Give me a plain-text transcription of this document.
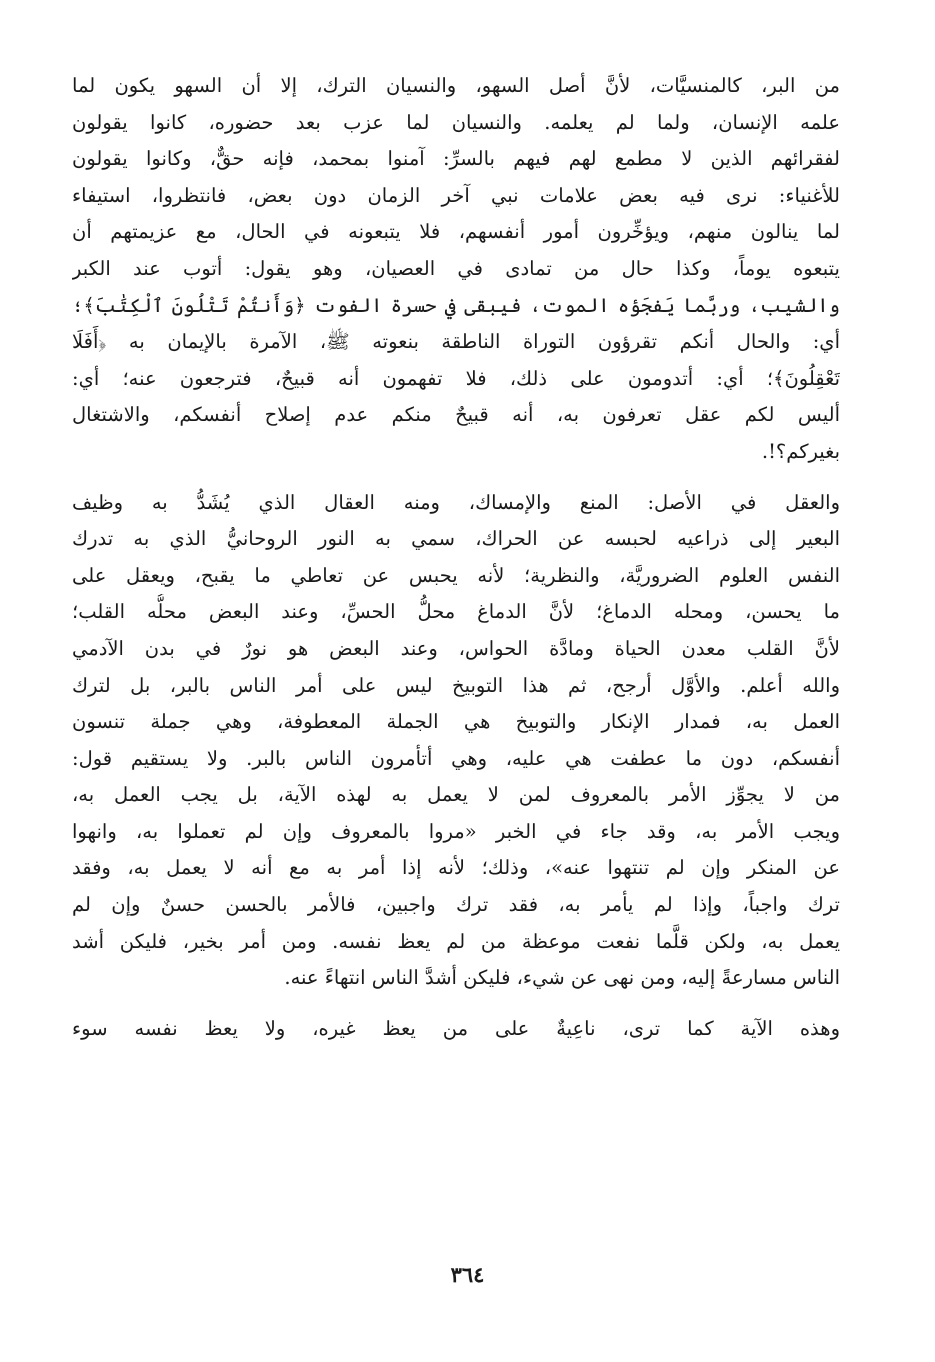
من البر، كالمنسيَّات، لأنَّ أصل السهو، والنسيان الترك، إلا أن السهو يكون لما
علمه الإنسان، ولما لم يعلمه. والنسيان لما عزب بعد حضوره، كانوا يقولون
لفقرائهم الذين لا مطمع لهم فيهم بالسرِّ: آمنوا بمحمد، فإنه حقٌّ، وكانوا يقولون
للأغنياء: نرى فيه بعض علامات نبي آخر الزمان دون بعض، فانتظروا، استيفاء
لما ينالون منهم، ويؤخِّرون أمور أنفسهم، فلا يتبعونه في الحال، مع عزيمتهم أن
يتبعوه يوماً، وكذا حال من تمادى في العصيان، وهو يقول: أتوب عند الكبر
والشيب، وربَّما يَفجَؤه الموت، فيبقى في حسرة الفوت ﴿وَأَنتُمْ تَتْلُونَ ٱلْكِتَٰبَ﴾؛
أي: والحال أنكم تقرؤون التوراة الناطقة بنعوته ﷺ، الآمرة بالإيمان به ﴿أَفَلَا
تَعْقِلُونَ﴾؛ أي: أتدومون على ذلك، فلا تفهمون أنه قبيحٌ، فترجعون عنه؛ أي:
أليس لكم عقل تعرفون به، أنه قبيحٌ منكم عدم إصلاح أنفسكم، والاشتغال
بغيركم؟!.
والعقل في الأصل: المنع والإمساك، ومنه العقال الذي يُشَدُّ به وظيف
البعير إلى ذراعيه لحبسه عن الحراك، سمي به النور الروحانيُّ الذي به تدرك
النفس العلوم الضروريَّة، والنظرية؛ لأنه يحبس عن تعاطي ما يقبح، ويعقل على
ما يحسن، ومحله الدماغ؛ لأنَّ الدماغ محلُّ الحسِّ، وعند البعض محلُّه القلب؛
لأنَّ القلب معدن الحياة ومادَّة الحواس، وعند البعض هو نورٌ في بدن الآدمي
والله أعلم. والأوَّل أرجح، ثم هذا التوبيخ ليس على أمر الناس بالبر، بل لترك
العمل به، فمدار الإنكار والتوبيخ هي الجملة المعطوفة، وهي جملة تنسون
أنفسكم، دون ما عطفت هي عليه، وهي أتأمرون الناس بالبر. ولا يستقيم قول:
من لا يجوِّز الأمر بالمعروف لمن لا يعمل به لهذه الآية، بل يجب العمل به،
ويجب الأمر به، وقد جاء في الخبر «مروا بالمعروف وإن لم تعملوا به، وانهوا
عن المنكر وإن لم تنتهوا عنه»، وذلك؛ لأنه إذا أمر به مع أنه لا يعمل به، وفقد
ترك واجباً، وإذا لم يأمر به، فقد ترك واجبين، فالأمر بالحسن حسنٌ وإن لم
يعمل به، ولكن قلَّما نفعت موعظة من لم يعظ نفسه. ومن أمر بخير، فليكن أشد
الناس مسارعةً إليه، ومن نهى عن شيء، فليكن أشدَّ الناس انتهاءً عنه.
وهذه الآية كما ترى، ناعِيةٌ على من يعظ غيره، ولا يعظ نفسه سوء
٣٦٤
